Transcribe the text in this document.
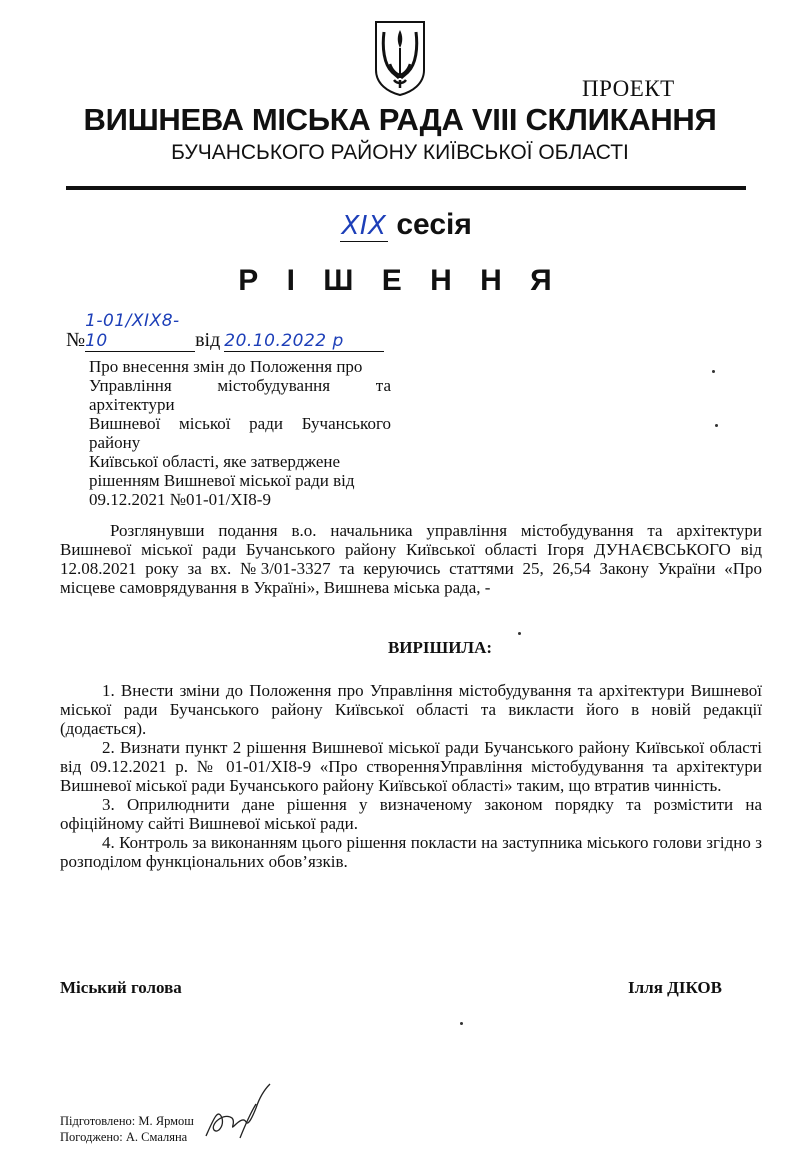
ПРОЕКТ
ВИШНЕВА МІСЬКА РАДА VIII СКЛИКАННЯ
БУЧАНСЬКОГО РАЙОНУ КИЇВСЬКОЇ ОБЛАСТІ
XIX сесія
Р І Ш Е Н Н Я
№1-01/XIX8-10	від 20.10.2022 р
Про внесення змін до Положення про
Управління містобудування та архітектури
Вишневої міської ради Бучанського району
Київської області, яке затверджене
рішенням Вишневої міської ради від
09.12.2021 №01-01/XI8-9
Розглянувши подання в.о. начальника управління містобудування та архітектури Вишневої міської ради Бучанського району Київської області Ігоря ДУНАЄВСЬКОГО від 12.08.2021 року за вх. №3/01-3327 та керуючись статтями 25, 26,54 Закону України «Про місцеве самоврядування в Україні», Вишнева міська рада, -
ВИРІШИЛА:
1. Внести зміни до Положення про Управління містобудування та архітектури Вишневої міської ради Бучанського району Київської області та викласти його в новій редакції (додається).
2. Визнати пункт 2 рішення Вишневої міської ради Бучанського району Київської області від 09.12.2021 р. № 01-01/XI8-9 «Про створенняУправління містобудування та архітектури Вишневої міської ради Бучанського району Київської області» таким, що втратив чинність.
3. Оприлюднити дане рішення у визначеному законом порядку та розмістити на офіційному сайті Вишневої міської ради.
4. Контроль за виконанням цього рішення покласти на заступника міського голови згідно з розподілом функціональних обов’язків.
Міський голова	Ілля ДІКОВ
Підготовлено: М. Ярмош
Погоджено: А. Смаляна
